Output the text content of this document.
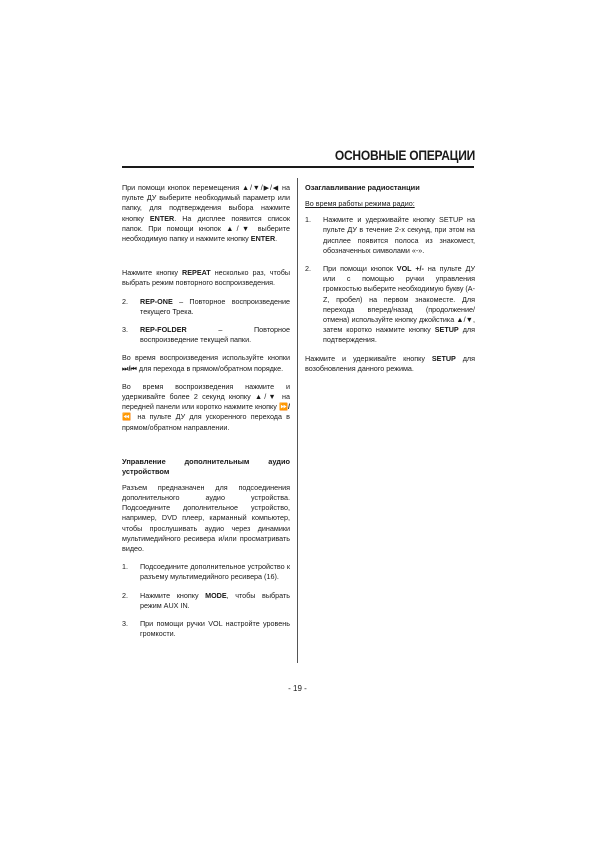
ОСНОВНЫЕ ОПЕРАЦИИ

При помощи кнопок перемещения ▲/▼/▶/◀ на пульте ДУ выберите необходимый параметр или папку, для подтверждения выбора нажмите кнопку ENTER. На дисплее появится список папок. При помощи кнопок ▲/▼ выберите необходимую папку и нажмите кнопку ENTER.

Нажмите кнопку REPEAT несколько раз, чтобы выбрать режим повторного воспроизведения.

2.	REP-ONE – Повторное воспроизведение текущего Трека.
3.	REP-FOLDER – Повторное воспроизведение текущей папки.

Во время воспроизведения используйте кнопки ⏭/⏮ для перехода в прямом/обратном порядке.

Во время воспроизведения нажмите и удерживайте более 2 секунд кнопку ▲/▼ на передней панели или коротко нажмите кнопку ⏩/⏪ на пульте ДУ для ускоренного перехода в прямом/обратном направлении.

Управление дополнительным аудио устройством

Разъем предназначен для подсоединения дополнительного аудио устройства. Подсоедините дополнительное устройство, например, DVD плеер, карманный компьютер, чтобы прослушивать аудио через динамики мультимедийного ресивера и/или просматривать видео.

1.	Подсоедините дополнительное устройство к разъему мультимедийного ресивера (16).
2.	Нажмите кнопку MODE, чтобы выбрать режим AUX IN.
3.	При помощи ручки VOL настройте уровень громкости.
Озаглавливание радиостанции

Во время работы режима радио:

1.	Нажмите и удерживайте кнопку SETUP на пульте ДУ в течение 2-х секунд, при этом на дисплее появится полоса из знакомест, обозначенных символами «-».
2.	При помощи кнопок VOL +/- на пульте ДУ или с помощью ручки управления громкостью выберите необходимую букву (A-Z, пробел) на первом знакоместе. Для перехода вперед/назад (продолжение/отмена) используйте кнопку джойстика ▲/▼, затем коротко нажмите кнопку SETUP для подтверждения.

Нажмите и удерживайте кнопку SETUP для возобновления данного режима.

- 19 -
